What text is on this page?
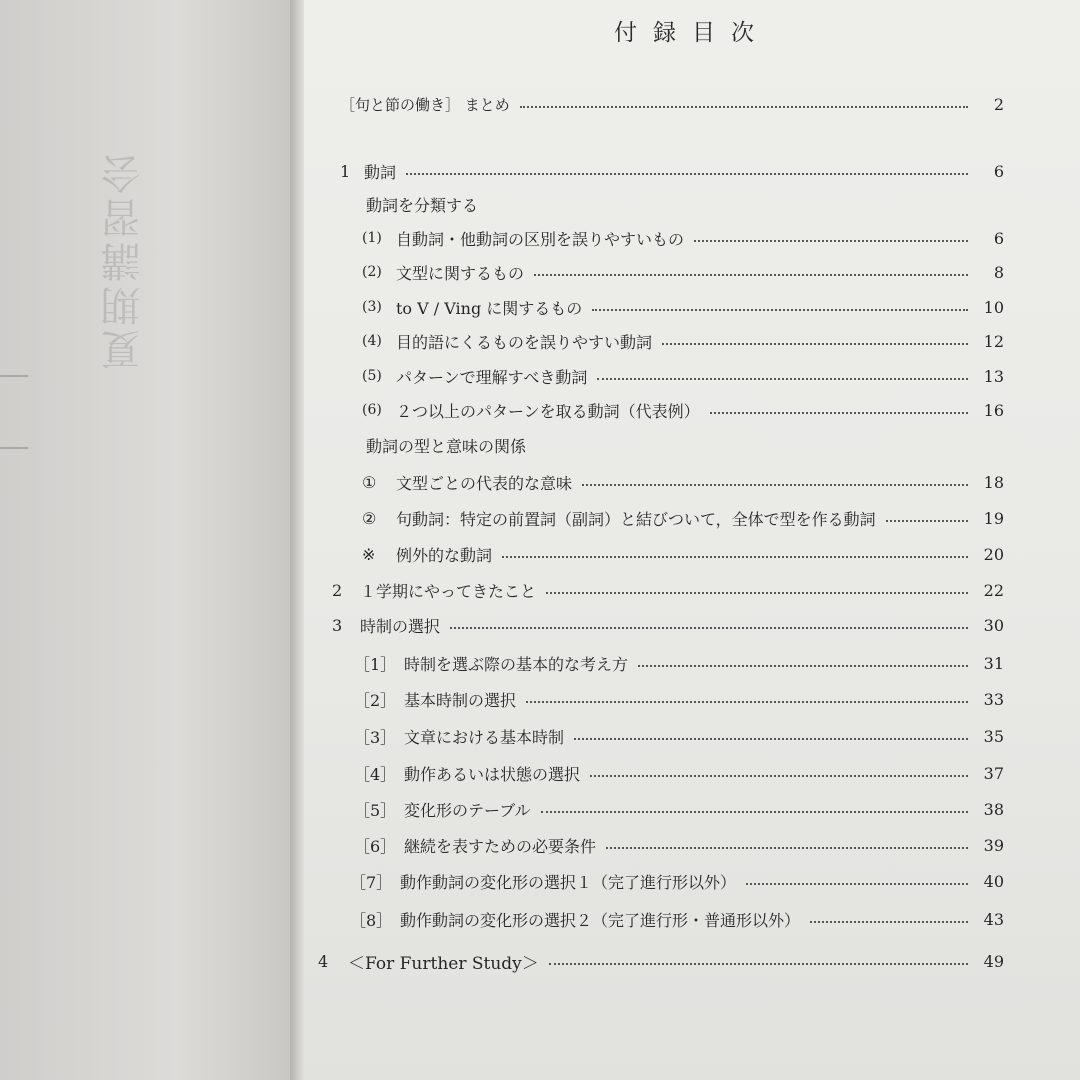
夏期講習会
付録目次
［句と節の働き］ まとめ	2
1 動詞	6
動詞を分類する
(1) 自動詞・他動詞の区別を誤りやすいもの	6
(2) 文型に関するもの	8
(3) to V / Ving に関するもの	10
(4) 目的語にくるものを誤りやすい動詞	12
(5) パターンで理解すべき動詞	13
(6) ２つ以上のパターンを取る動詞（代表例）	16
動詞の型と意味の関係
①	文型ごとの代表的な意味	18
②	句動詞：特定の前置詞（副詞）と結びついて，全体で型を作る動詞	19
※	例外的な動詞	20
2	１学期にやってきたこと	22
3	時制の選択	30
［1］ 時制を選ぶ際の基本的な考え方	31
［2］ 基本時制の選択	33
［3］ 文章における基本時制	35
［4］ 動作あるいは状態の選択	37
［5］ 変化形のテーブル	38
［6］ 継続を表すための必要条件	39
［7］ 動作動詞の変化形の選択１（完了進行形以外）	40
［8］ 動作動詞の変化形の選択２（完了進行形・普通形以外）	43
4	＜For Further Study＞	49
